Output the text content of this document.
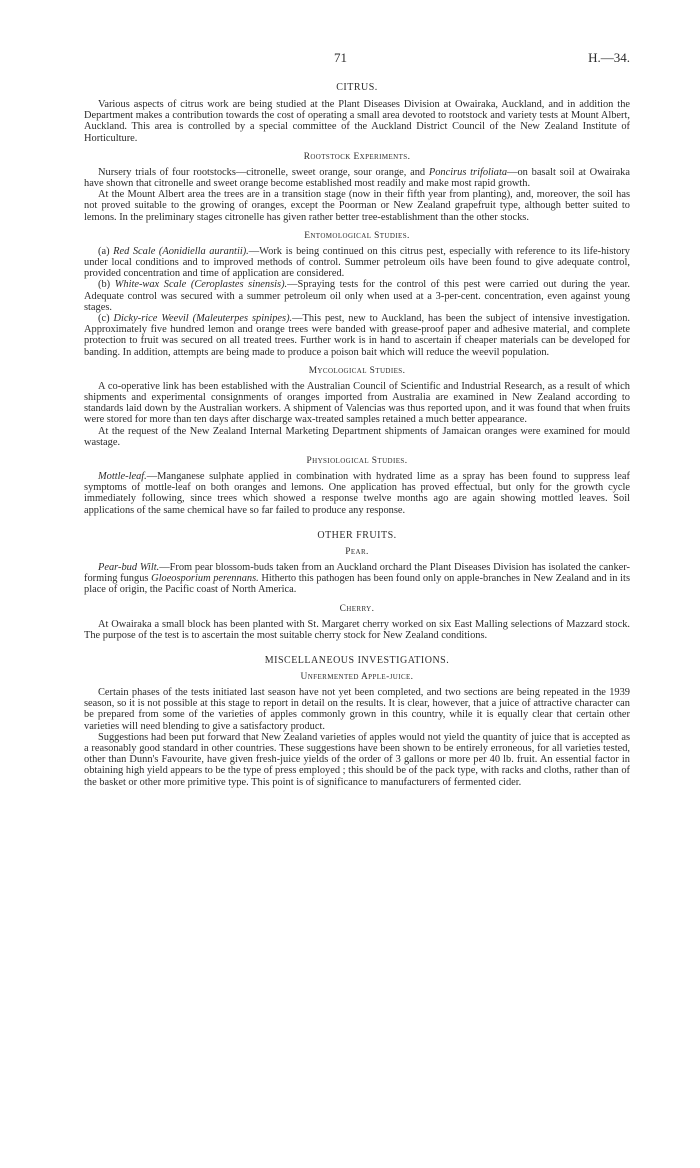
71	H.—34.
CITRUS.

Various aspects of citrus work are being studied at the Plant Diseases Division at Owairaka, Auckland, and in addition the Department makes a contribution towards the cost of operating a small area devoted to rootstock and variety tests at Mount Albert, Auckland. This area is controlled by a special committee of the Auckland District Council of the New Zealand Institute of Horticulture.

Rootstock Experiments.

Nursery trials of four rootstocks—citronelle, sweet orange, sour orange, and Poncirus trifoliata—on basalt soil at Owairaka have shown that citronelle and sweet orange become established most readily and make most rapid growth.

At the Mount Albert area the trees are in a transition stage (now in their fifth year from planting), and, moreover, the soil has not proved suitable to the growing of oranges, except the Poorman or New Zealand grapefruit type, although better suited to lemons. In the preliminary stages citronelle has given rather better tree-establishment than the other stocks.

Entomological Studies.

(a) Red Scale (Aonidiella aurantii).—Work is being continued on this citrus pest, especially with reference to its life-history under local conditions and to improved methods of control. Summer petroleum oils have been found to give adequate control, provided concentration and time of application are considered.

(b) White-wax Scale (Ceroplastes sinensis).—Spraying tests for the control of this pest were carried out during the year. Adequate control was secured with a summer petroleum oil only when used at a 3-per-cent. concentration, even against young stages.

(c) Dicky-rice Weevil (Maleuterpes spinipes).—This pest, new to Auckland, has been the subject of intensive investigation. Approximately five hundred lemon and orange trees were banded with grease-proof paper and adhesive material, and complete protection to fruit was secured on all treated trees. Further work is in hand to ascertain if cheaper materials can be developed for banding. In addition, attempts are being made to produce a poison bait which will reduce the weevil population.

Mycological Studies.

A co-operative link has been established with the Australian Council of Scientific and Industrial Research, as a result of which shipments and experimental consignments of oranges imported from Australia are examined in New Zealand according to standards laid down by the Australian workers. A shipment of Valencias was thus reported upon, and it was found that when fruits were stored for more than ten days after discharge wax-treated samples retained a much better appearance.

At the request of the New Zealand Internal Marketing Department shipments of Jamaican oranges were examined for mould wastage.

Physiological Studies.

Mottle-leaf.—Manganese sulphate applied in combination with hydrated lime as a spray has been found to suppress leaf symptoms of mottle-leaf on both oranges and lemons. One application has proved effectual, but only for the growth cycle immediately following, since trees which showed a response twelve months ago are again showing mottled leaves. Soil applications of the same chemical have so far failed to produce any response.

OTHER FRUITS.
Pear.

Pear-bud Wilt.—From pear blossom-buds taken from an Auckland orchard the Plant Diseases Division has isolated the canker-forming fungus Gloeosporium perennans. Hitherto this pathogen has been found only on apple-branches in New Zealand and in its place of origin, the Pacific coast of North America.

Cherry.

At Owairaka a small block has been planted with St. Margaret cherry worked on six East Malling selections of Mazzard stock. The purpose of the test is to ascertain the most suitable cherry stock for New Zealand conditions.

MISCELLANEOUS INVESTIGATIONS.
Unfermented Apple-juice.

Certain phases of the tests initiated last season have not yet been completed, and two sections are being repeated in the 1939 season, so it is not possible at this stage to report in detail on the results. It is clear, however, that a juice of attractive character can be prepared from some of the varieties of apples commonly grown in this country, while it is equally clear that certain other varieties will need blending to give a satisfactory product.

Suggestions had been put forward that New Zealand varieties of apples would not yield the quantity of juice that is accepted as a reasonably good standard in other countries. These suggestions have been shown to be entirely erroneous, for all varieties tested, other than Dunn's Favourite, have given fresh-juice yields of the order of 3 gallons or more per 40 lb. fruit. An essential factor in obtaining high yield appears to be the type of press employed ; this should be of the pack type, with racks and cloths, rather than of the basket or other more primitive type. This point is of significance to manufacturers of fermented cider.
